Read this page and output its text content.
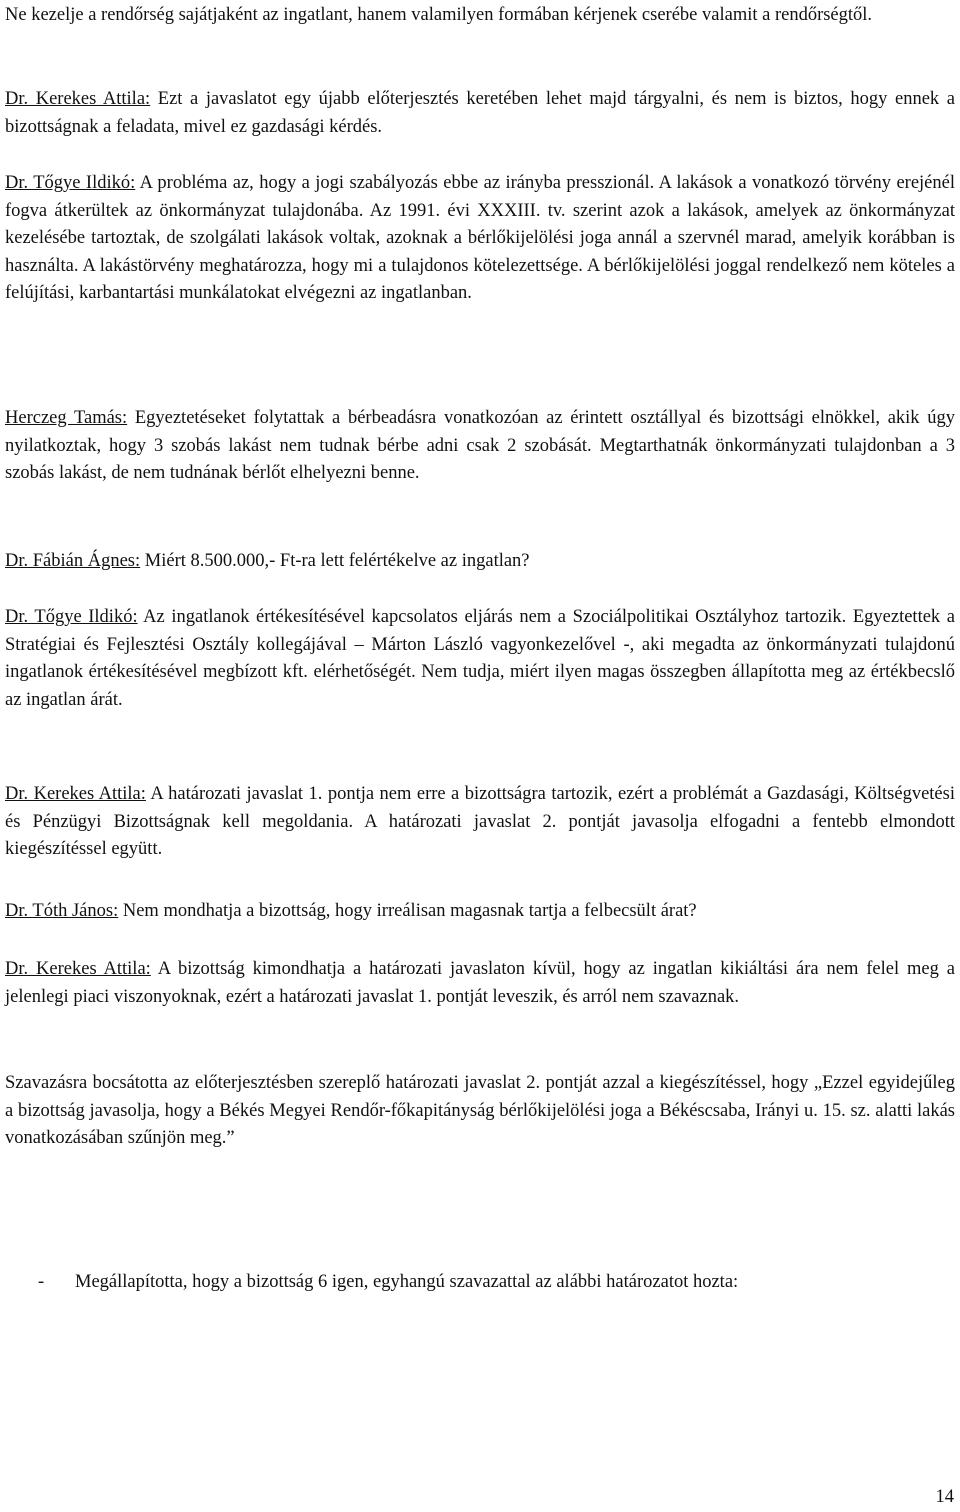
Ne kezelje a rendőrség sajátjaként az ingatlant, hanem valamilyen formában kérjenek cserébe valamit a rendőrségtől.

Dr. Kerekes Attila: Ezt a javaslatot egy újabb előterjesztés keretében lehet majd tárgyalni, és nem is biztos, hogy ennek a bizottságnak a feladata, mivel ez gazdasági kérdés.

Dr. Tőgye Ildikó: A probléma az, hogy a jogi szabályozás ebbe az irányba presszionál. A lakások a vonatkozó törvény erejénél fogva átkerültek az önkormányzat tulajdonába. Az 1991. évi XXXIII. tv. szerint azok a lakások, amelyek az önkormányzat kezelésébe tartoztak, de szolgálati lakások voltak, azoknak a bérlőkijelölési joga annál a szervnél marad, amelyik korábban is használta. A lakástörvény meghatározza, hogy mi a tulajdonos kötelezettsége. A bérlőkijelölési joggal rendelkező nem köteles a felújítási, karbantartási munkálatokat elvégezni az ingatlanban.

Herczeg Tamás: Egyeztetéseket folytattak a bérbeadásra vonatkozóan az érintett osztállyal és bizottsági elnökkel, akik úgy nyilatkoztak, hogy 3 szobás lakást nem tudnak bérbe adni csak 2 szobását. Megtarthatnák önkormányzati tulajdonban a 3 szobás lakást, de nem tudnának bérlőt elhelyezni benne.

Dr. Fábián Ágnes: Miért 8.500.000,- Ft-ra lett felértékelve az ingatlan?

Dr. Tőgye Ildikó: Az ingatlanok értékesítésével kapcsolatos eljárás nem a Szociálpolitikai Osztályhoz tartozik. Egyeztettek a Stratégiai és Fejlesztési Osztály kollegájával – Márton László vagyonkezelővel -, aki megadta az önkormányzati tulajdonú ingatlanok értékesítésével megbízott kft. elérhetőségét. Nem tudja, miért ilyen magas összegben állapította meg az értékbecslő az ingatlan árát.

Dr. Kerekes Attila: A határozati javaslat 1. pontja nem erre a bizottságra tartozik, ezért a problémát a Gazdasági, Költségvetési és Pénzügyi Bizottságnak kell megoldania. A határozati javaslat 2. pontját javasolja elfogadni a fentebb elmondott kiegészítéssel együtt.

Dr. Tóth János: Nem mondhatja a bizottság, hogy irreálisan magasnak tartja a felbecsült árat?

Dr. Kerekes Attila: A bizottság kimondhatja a határozati javaslaton kívül, hogy az ingatlan kikiáltási ára nem felel meg a jelenlegi piaci viszonyoknak, ezért a határozati javaslat 1. pontját leveszik, és arról nem szavaznak.

Szavazásra bocsátotta az előterjesztésben szereplő határozati javaslat 2. pontját azzal a kiegészítéssel, hogy „Ezzel egyidejűleg a bizottság javasolja, hogy a Békés Megyei Rendőr-főkapitányság bérlőkijelölési joga a Békéscsaba, Irányi u. 15. sz. alatti lakás vonatkozásában szűnjön meg.”

- Megállapította, hogy a bizottság 6 igen, egyhangú szavazattal az alábbi határozatot hozta:
14
